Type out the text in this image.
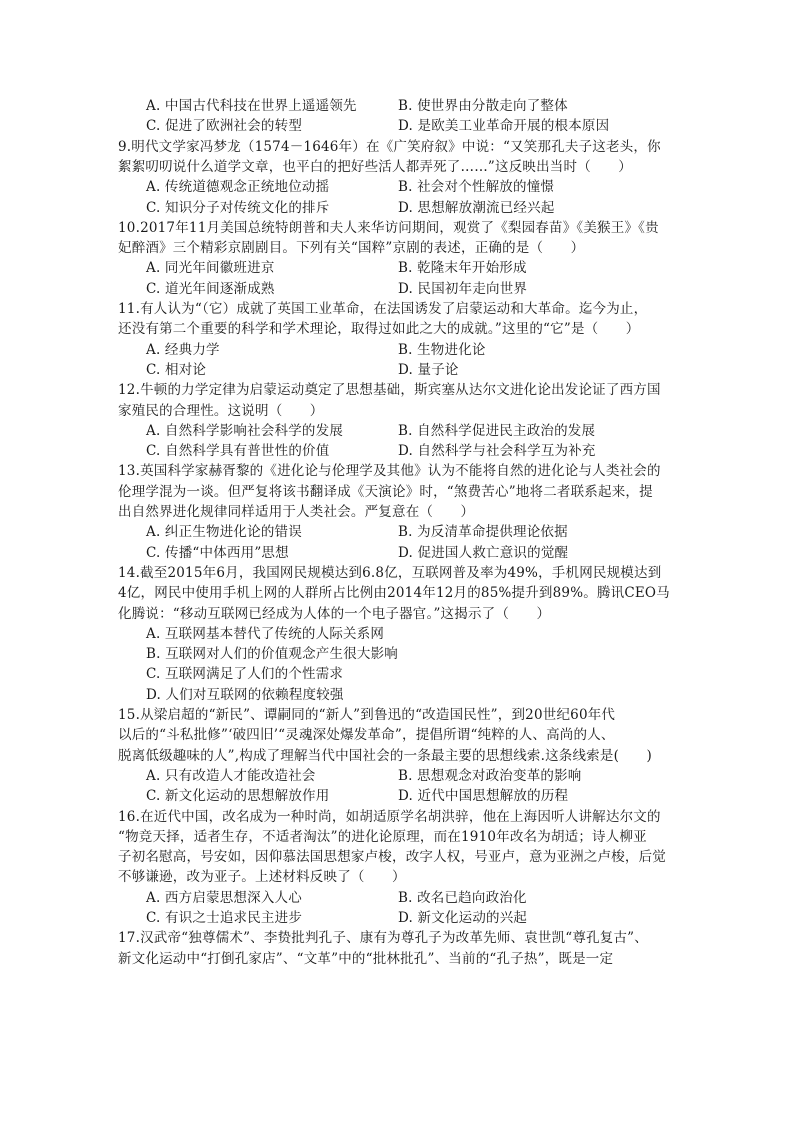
A. 中国古代科技在世界上遥遥领先	B. 使世界由分散走向了整体
C. 促进了欧洲社会的转型	D. 是欧美工业革命开展的根本原因
9.明代文学家冯梦龙（1574－1646年）在《广笑府叙》中说：“又笑那孔夫子这老头，你
絮絮叨叨说什么道学文章，也平白的把好些活人都弄死了……”这反映出当时（　　）
A. 传统道德观念正统地位动摇	B. 社会对个性解放的憧憬
C. 知识分子对传统文化的排斥	D. 思想解放潮流已经兴起
10.2017年11月美国总统特朗普和夫人来华访问期间，观赏了《梨园春苗》《美猴王》《贵
妃醉酒》三个精彩京剧剧目。下列有关“国粹”京剧的表述，正确的是（　　）
A. 同光年间徽班进京	B. 乾隆末年开始形成
C. 道光年间逐渐成熟	D. 民国初年走向世界
11.有人认为“（它）成就了英国工业革命，在法国诱发了启蒙运动和大革命。迄今为止，
还没有第二个重要的科学和学术理论，取得过如此之大的成就。”这里的“它”是（　　）
A. 经典力学	B. 生物进化论
C. 相对论	D. 量子论
12.牛顿的力学定律为启蒙运动奠定了思想基础，斯宾塞从达尔文进化论出发论证了西方国
家殖民的合理性。这说明（　　）
A. 自然科学影响社会科学的发展	B. 自然科学促进民主政治的发展
C. 自然科学具有普世性的价值	D. 自然科学与社会科学互为补充
13.英国科学家赫胥黎的《进化论与伦理学及其他》认为不能将自然的进化论与人类社会的
伦理学混为一谈。但严复将该书翻译成《天演论》时，“煞费苦心”地将二者联系起来，提
出自然界进化规律同样适用于人类社会。严复意在（　　）
A. 纠正生物进化论的错误	B. 为反清革命提供理论依据
C. 传播“中体西用”思想	D. 促进国人救亡意识的觉醒
14.截至2015年6月，我国网民规模达到6.8亿，互联网普及率为49%，手机网民规模达到
4亿，网民中使用手机上网的人群所占比例由2014年12月的85%提升到89%。腾讯CEO马
化腾说：“移动互联网已经成为人体的一个电子器官。”这揭示了（　　）
A. 互联网基本替代了传统的人际关系网
B. 互联网对人们的价值观念产生很大影响
C. 互联网满足了人们的个性需求
D. 人们对互联网的依赖程度较强
15.从梁启超的“新民”、谭嗣同的“新人”到鲁迅的“改造国民性”，到20世纪60年代
以后的“斗私批修”‘破四旧’“灵魂深处爆发革命”，提倡所谓“纯粹的人、高尚的人、
脱离低级趣味的人”,构成了理解当代中国社会的一条最主要的思想线索.这条线索是(　　)
A. 只有改造人才能改造社会	B. 思想观念对政治变革的影响
C. 新文化运动的思想解放作用	D. 近代中国思想解放的历程
16.在近代中国，改名成为一种时尚，如胡适原学名胡洪骍，他在上海因听人讲解达尔文的
“物竞天择，适者生存，不适者淘汰”的进化论原理，而在1910年改名为胡适；诗人柳亚
子初名慰高，号安如，因仰慕法国思想家卢梭，改字人权，号亚卢，意为亚洲之卢梭，后觉
不够谦逊，改为亚子。上述材料反映了（　　）
A. 西方启蒙思想深入人心	B. 改名已趋向政治化
C. 有识之士追求民主进步	D. 新文化运动的兴起
17.汉武帝“独尊儒术”、李贽批判孔子、康有为尊孔子为改革先师、袁世凯“尊孔复古”、
新文化运动中“打倒孔家店”、“文革”中的“批林批孔”、当前的“孔子热”，既是一定
